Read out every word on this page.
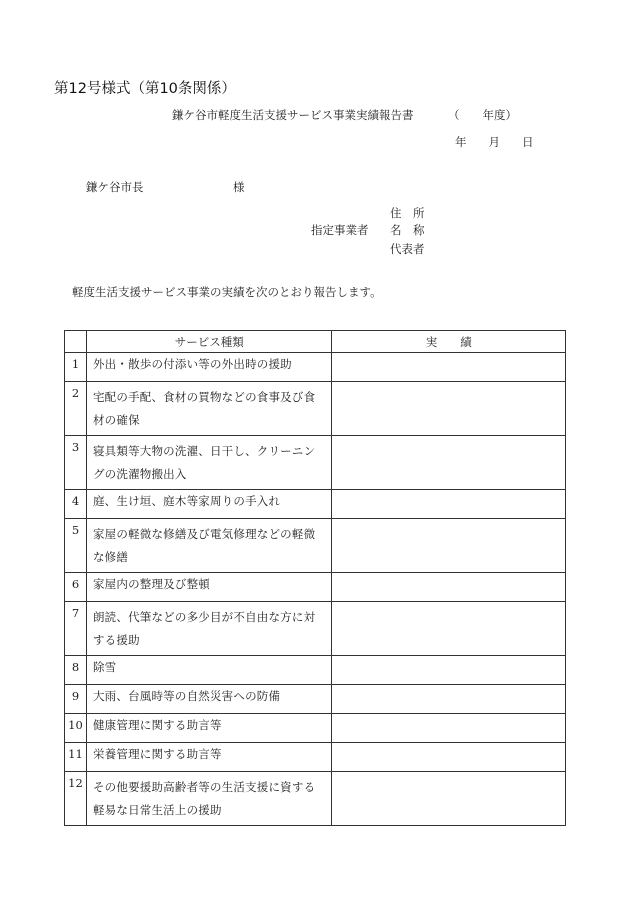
第12号様式（第10条関係）
鎌ケ谷市軽度生活支援サービス事業実績報告書	（　　年度）
年 月 日
鎌ケ谷市長	様
住　所
指定事業者 名　称
代表者
軽度生活支援サービス事業の実績を次のとおり報告します。
	サービス種類	実　　績
1	外出・散歩の付添い等の外出時の援助	
2	宅配の手配、食材の買物などの食事及び食材の確保	
3	寝具類等大物の洗濯、日干し、クリーニングの洗濯物搬出入	
4	庭、生け垣、庭木等家周りの手入れ	
5	家屋の軽微な修繕及び電気修理などの軽微な修繕	
6	家屋内の整理及び整頓	
7	朗読、代筆などの多少目が不自由な方に対する援助	
8	除雪	
9	大雨、台風時等の自然災害への防備	
10	健康管理に関する助言等	
11	栄養管理に関する助言等	
12	その他要援助高齢者等の生活支援に資する軽易な日常生活上の援助	
